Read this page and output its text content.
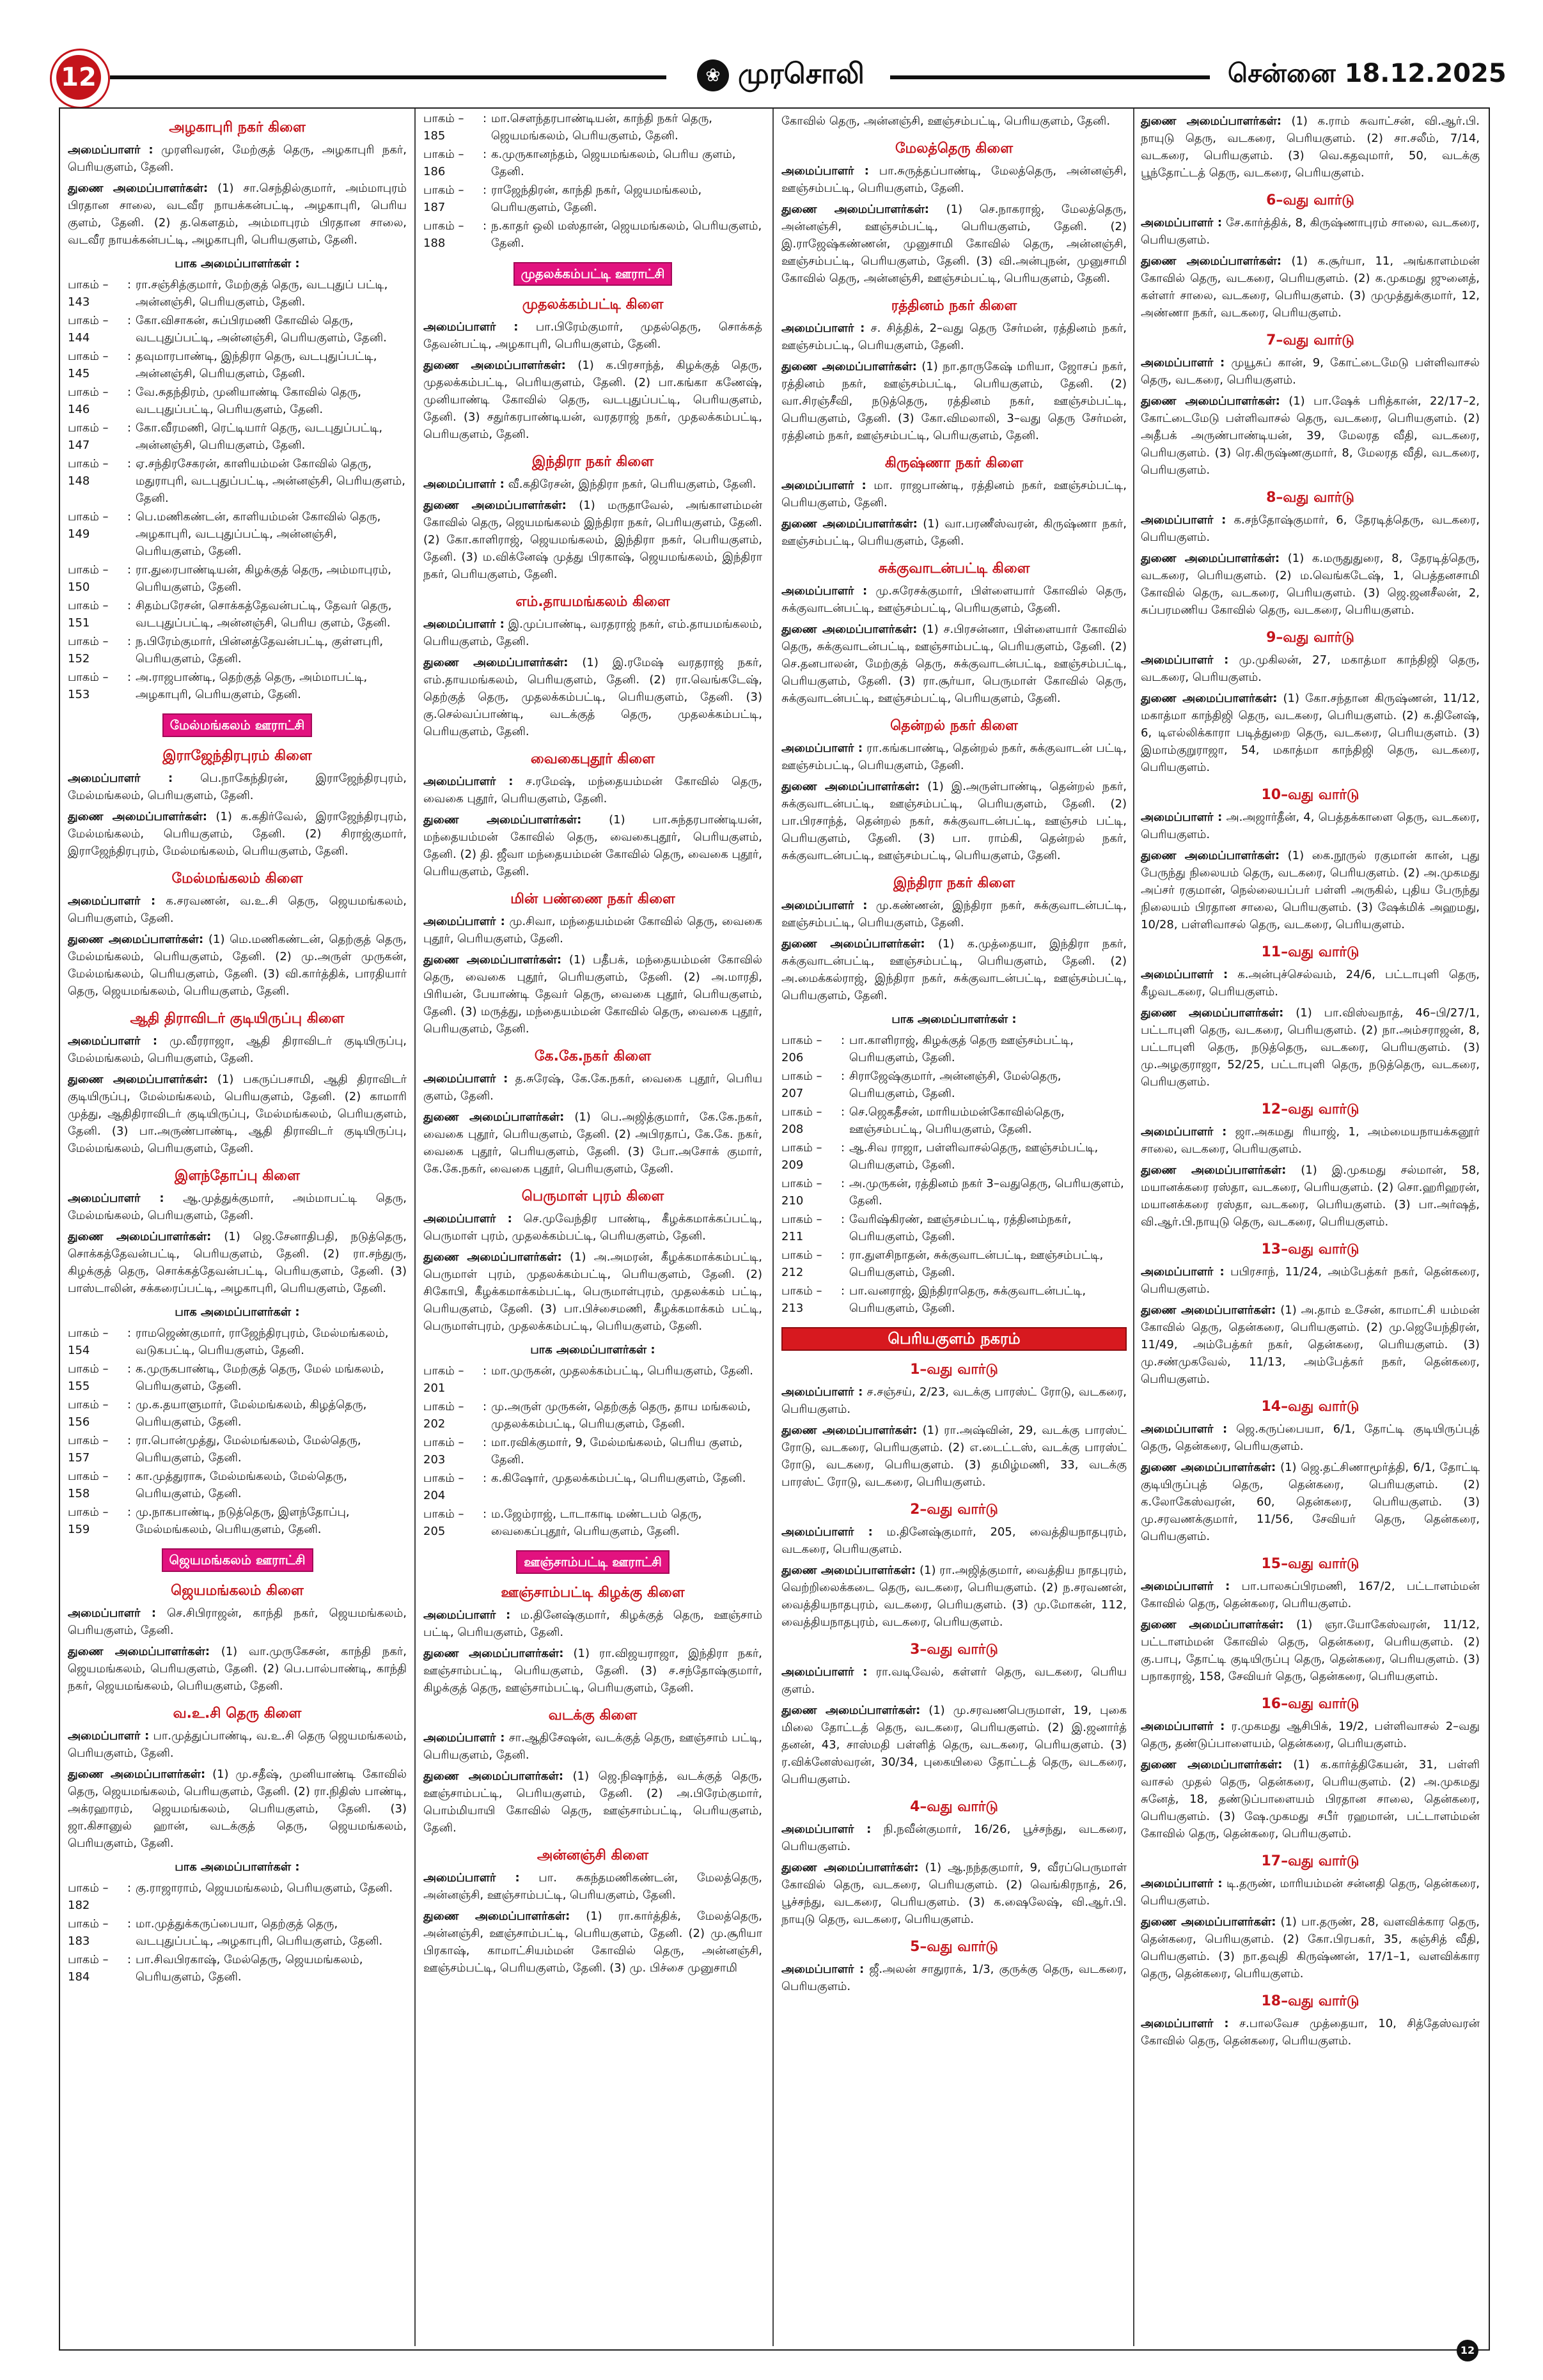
12	❀ முரசொலி	சென்னை 18.12.2025
அழகாபுரி நகர் கிளை
அமைப்பாளர் : முரளிவரன், மேற்குத் தெரு, அழகாபுரி நகர், பெரியகுளம், தேனி.
துணை அமைப்பாளர்கள்: (1) சா.செந்தில்குமார், அம்மாபுரம் பிரதான சாலை, வடவீர நாயக்கன்பட்டி, அழகாபுரி, பெரிய குளம், தேனி. (2) த.கௌதம், அம்மாபுரம் பிரதான சாலை, வடவீர நாயக்கன்பட்டி, அழகாபுரி, பெரியகுளம், தேனி.
பாக அமைப்பாளர்கள் :
பாகம் – 143
: ரா.சஞ்சித்குமார், மேற்குத் தெரு, வடபுதுப் பட்டி, அன்னஞ்சி, பெரியகுளம், தேனி.
பாகம் – 144
: கோ.விசாகன், சுப்பிரமணி கோவில் தெரு, வடபுதுப்பட்டி, அன்னஞ்சி, பெரியகுளம், தேனி.
பாகம் – 145
: தவுமாரபாண்டி, இந்திரா தெரு, வடபுதுப்பட்டி, அன்னஞ்சி, பெரியகுளம், தேனி.
பாகம் – 146
: வே.சுதந்திரம், முனியாண்டி கோவில் தெரு, வடபுதுப்பட்டி, பெரியகுளம், தேனி.
பாகம் – 147
: கோ.வீரமணி, ரெட்டியார் தெரு, வடபுதுப்பட்டி, அன்னஞ்சி, பெரியகுளம், தேனி.
பாகம் – 148
: ஏ.சந்திரசேகரன், காளியம்மன் கோவில் தெரு, மதுராபுரி, வடபுதுப்பட்டி, அன்னஞ்சி, பெரியகுளம், தேனி.
பாகம் – 149
: பெ.மணிகண்டன், காளியம்மன் கோவில் தெரு, அழகாபுரி, வடபுதுப்பட்டி, அன்னஞ்சி, பெரியகுளம், தேனி.
பாகம் – 150
: ரா.துரைபாண்டியன், கிழக்குத் தெரு, அம்மாபுரம், பெரியகுளம், தேனி.
பாகம் – 151
: சிதம்பரேசன், சொக்கத்தேவன்பட்டி, தேவர் தெரு, வடபுதுப்பட்டி, அன்னஞ்சி, பெரிய குளம், தேனி.
பாகம் – 152
: ந.பிரேம்குமார், பின்னத்தேவன்பட்டி, குள்ளபுரி, பெரியகுளம், தேனி.
பாகம் – 153
: அ.ராஜபாண்டி, தெற்குத் தெரு, அம்மாபட்டி, அழகாபுரி, பெரியகுளம், தேனி.
மேல்மங்கலம் ஊராட்சி
இராஜேந்திரபுரம் கிளை
அமைப்பாளர் : பெ.நாகேந்திரன், இராஜேந்திரபுரம், மேல்மங்கலம், பெரியகுளம், தேனி.
துணை அமைப்பாளர்கள்: (1) க.கதிர்வேல், இராஜேந்திரபுரம், மேல்மங்கலம், பெரியகுளம், தேனி. (2) சிராஜ்குமார், இராஜேந்திரபுரம், மேல்மங்கலம், பெரியகுளம், தேனி.
மேல்மங்கலம் கிளை
அமைப்பாளர் : க.சரவணன், வ.உ.சி தெரு, ஜெயமங்கலம், பெரியகுளம், தேனி.
துணை அமைப்பாளர்கள்: (1) மெ.மணிகண்டன், தெற்குத் தெரு, மேல்மங்கலம், பெரியகுளம், தேனி. (2) மு.அருள் முருகன், மேல்மங்கலம், பெரியகுளம், தேனி. (3) வி.கார்த்திக், பாரதியார் தெரு, ஜெயமங்கலம், பெரியகுளம், தேனி.
ஆதி திராவிடர் குடியிருப்பு கிளை
அமைப்பாளர் : மு.வீரராஜா, ஆதி திராவிடர் குடியிருப்பு, மேல்மங்கலம், பெரியகுளம், தேனி.
துணை அமைப்பாளர்கள்: (1) பகருப்பசாமி, ஆதி திராவிடர் குடியிருப்பு, மேல்மங்கலம், பெரியகுளம், தேனி. (2) காமாரி முத்து, ஆதிதிராவிடர் குடியிருப்பு, மேல்மங்கலம், பெரியகுளம், தேனி. (3) பா.அருண்பாண்டி, ஆதி திராவிடர் குடியிருப்பு, மேல்மங்கலம், பெரியகுளம், தேனி.
இளந்தோப்பு கிளை
அமைப்பாளர் : ஆ.முத்துக்குமார், அம்மாபட்டி தெரு, மேல்மங்கலம், பெரியகுளம், தேனி.
துணை அமைப்பாளர்கள்: (1) ஜெ.சேனாதிபதி, நடுத்தெரு, சொக்கத்தேவன்பட்டி, பெரியகுளம், தேனி. (2) ரா.சந்துரு, கிழக்குத் தெரு, சொக்கத்தேவன்பட்டி, பெரியகுளம், தேனி. (3) பாஸ்டாலின், சக்கரைப்பட்டி, அழகாபுரி, பெரியகுளம், தேனி.
பாக அமைப்பாளர்கள் :
பாகம் – 154
: ராமஜெண்குமார், ராஜேந்திரபுரம், மேல்மங்கலம், வடுகபட்டி, பெரியகுளம், தேனி.
பாகம் – 155
: க.முருகபாண்டி, மேற்குத் தெரு, மேல் மங்கலம், பெரியகுளம், தேனி.
பாகம் – 156
: மு.க.தயாளுமார், மேல்மங்கலம், கிழத்தெரு, பெரியகுளம், தேனி.
பாகம் – 157
: ரா.பொன்முத்து, மேல்மங்கலம், மேல்தெரு, பெரியகுளம், தேனி.
பாகம் – 158
: கா.முத்துராசு, மேல்மங்கலம், மேல்தெரு, பெரியகுளம், தேனி.
பாகம் – 159
: மு.நாகபாண்டி, நடுத்தெரு, இளந்தோப்பு, மேல்மங்கலம், பெரியகுளம், தேனி.
ஜெயமங்கலம் ஊராட்சி
ஜெயமங்கலம் கிளை
அமைப்பாளர் : செ.சிபிராஜன், காந்தி நகர், ஜெயமங்கலம், பெரியகுளம், தேனி.
துணை அமைப்பாளர்கள்: (1) வா.முருகேசன், காந்தி நகர், ஜெயமங்கலம், பெரியகுளம், தேனி. (2) பெ.பால்பாண்டி, காந்தி நகர், ஜெயமங்கலம், பெரியகுளம், தேனி.
வ.உ.சி தெரு கிளை
அமைப்பாளர் : பா.முத்துப்பாண்டி, வ.உ.சி தெரு ஜெயமங்கலம், பெரியகுளம், தேனி.
துணை அமைப்பாளர்கள்: (1) மு.சதீஷ், முனியாண்டி கோவில் தெரு, ஜெயமங்கலம், பெரியகுளம், தேனி. (2) ரா.நிதிஸ் பாண்டி, அக்ரஹாரம், ஜெயமங்கலம், பெரியகுளம், தேனி. (3) ஜா.கிசானுல் ஹான், வடக்குத் தெரு, ஜெயமங்கலம், பெரியகுளம், தேனி.
பாக அமைப்பாளர்கள் :
பாகம் – 182
: கு.ராஜாராம், ஜெயமங்கலம், பெரியகுளம், தேனி.
பாகம் – 183
: மா.முத்துக்கருப்பையா, தெற்குத் தெரு, வடபுதுப்பட்டி, அழகாபுரி, பெரியகுளம், தேனி.
பாகம் – 184
: பா.சிவபிரகாஷ், மேல்தெரு, ஜெயமங்கலம், பெரியகுளம், தேனி.
பாகம் – 185
: மா.சௌந்தரபாண்டியன், காந்தி நகர் தெரு, ஜெயமங்கலம், பெரியகுளம், தேனி.
பாகம் – 186
: க.முருகானந்தம், ஜெயமங்கலம், பெரிய குளம், தேனி.
பாகம் – 187
: ராஜேந்திரன், காந்தி நகர், ஜெயமங்கலம், பெரியகுளம், தேனி.
பாகம் – 188
: ந.காதர் ஒலி மஸ்தான், ஜெயமங்கலம், பெரியகுளம், தேனி.
முதலக்கம்பட்டி ஊராட்சி
முதலக்கம்பட்டி கிளை
அமைப்பாளர் : பா.பிரேம்குமார், முதல்தெரு, சொக்கத் தேவன்பட்டி, அழகாபுரி, பெரியகுளம், தேனி.
துணை அமைப்பாளர்கள்: (1) க.பிரசாந்த், கிழக்குத் தெரு, முதலக்கம்பட்டி, பெரியகுளம், தேனி. (2) பா.கங்கா கணேஷ், முனியாண்டி கோவில் தெரு, வடபுதுப்பட்டி, பெரியகுளம், தேனி. (3) சதுர்கரபாண்டியன், வரதராஜ் நகர், முதலக்கம்பட்டி, பெரியகுளம், தேனி.
இந்திரா நகர் கிளை
அமைப்பாளர் : வீ.கதிரேசன், இந்திரா நகர், பெரியகுளம், தேனி.
துணை அமைப்பாளர்கள்: (1) மருதாவேல், அங்காளம்மன் கோவில் தெரு, ஜெயமங்கலம் இந்திரா நகர், பெரியகுளம், தேனி. (2) கோ.காளிராஜ், ஜெயமங்கலம், இந்திரா நகர், பெரியகுளம், தேனி. (3) ம.விக்னேஷ் முத்து பிரகாஷ், ஜெயமங்கலம், இந்திரா நகர், பெரியகுளம், தேனி.
எம்.தாயமங்கலம் கிளை
அமைப்பாளர் : இ.முப்பாண்டி, வரதராஜ் நகர், எம்.தாயமங்கலம், பெரியகுளம், தேனி.
துணை அமைப்பாளர்கள்: (1) இ.ரமேஷ் வரதராஜ் நகர், எம்.தாயமங்கலம், பெரியகுளம், தேனி. (2) ரா.வெங்கடேஷ், தெற்குத் தெரு, முதலக்கம்பட்டி, பெரியகுளம், தேனி. (3) கு.செல்வப்பாண்டி, வடக்குத் தெரு, முதலக்கம்பட்டி, பெரியகுளம், தேனி.
வைகைபுதூர் கிளை
அமைப்பாளர் : ச.ரமேஷ், மந்தையம்மன் கோவில் தெரு, வைகை புதூர், பெரியகுளம், தேனி.
துணை அமைப்பாளர்கள்: (1) பா.சுந்தரபாண்டியன், மந்தையம்மன் கோவில் தெரு, வைகைபுதூர், பெரியகுளம், தேனி. (2) தி. ஜீவா மந்தையம்மன் கோவில் தெரு, வைகை புதூர், பெரியகுளம், தேனி.
மின் பண்ணை நகர் கிளை
அமைப்பாளர் : மு.சிவா, மந்தையம்மன் கோவில் தெரு, வைகை புதூர், பெரியகுளம், தேனி.
துணை அமைப்பாளர்கள்: (1) பதீபக், மந்தையம்மன் கோவில் தெரு, வைகை புதூர், பெரியகுளம், தேனி. (2) அ.மாரதி, பிரியன், பேயாண்டி தேவர் தெரு, வைகை புதூர், பெரியகுளம், தேனி. (3) மருத்து, மந்தையம்மன் கோவில் தெரு, வைகை புதூர், பெரியகுளம், தேனி.
கே.கே.நகர் கிளை
அமைப்பாளர் : த.சுரேஷ், கே.கே.நகர், வைகை புதூர், பெரிய குளம், தேனி.
துணை அமைப்பாளர்கள்: (1) பெ.அஜித்குமார், கே.கே.நகர், வைகை புதூர், பெரியகுளம், தேனி. (2) அபிரதாப், கே.கே. நகர், வைகை புதூர், பெரியகுளம், தேனி. (3) போ.அசோக் குமார், கே.கே.நகர், வைகை புதூர், பெரியகுளம், தேனி.
பெருமாள் புரம் கிளை
அமைப்பாளர் : செ.முவேந்திர பாண்டி, கீழக்கமாக்கப்பட்டி, பெருமாள் புரம், முதலக்கம்பட்டி, பெரியகுளம், தேனி.
துணை அமைப்பாளர்கள்: (1) அ.அமரன், கீழக்கமாக்கம்பட்டி, பெருமாள் புரம், முதலக்கம்பட்டி, பெரியகுளம், தேனி. (2) சிகோபி, கீழக்கமாக்கம்பட்டி, பெருமாள்புரம், முதலக்கம் பட்டி, பெரியகுளம், தேனி. (3) பா.பிச்சைமணி, கீழக்கமாக்கம் பட்டி, பெருமாள்புரம், முதலக்கம்பட்டி, பெரியகுளம், தேனி.
பாக அமைப்பாளர்கள் :
பாகம் – 201
: மா.முருகன், முதலக்கம்பட்டி, பெரியகுளம், தேனி.
பாகம் – 202
: மு.அருள் முருகன், தெற்குத் தெரு, தாய மங்கலம், முதலக்கம்பட்டி, பெரியகுளம், தேனி.
பாகம் – 203
: மா.ரவிக்குமார், 9, மேல்மங்கலம், பெரிய குளம், தேனி.
பாகம் – 204
: க.கிஷோர், முதலக்கம்பட்டி, பெரியகுளம், தேனி.
பாகம் – 205
: ம.ஜேம்ராஜ், டாடாகாடி மண்டபம் தெரு, வைகைப்புதூர், பெரியகுளம், தேனி.
ஊஞ்சாம்பட்டி ஊராட்சி
ஊஞ்சாம்பட்டி கிழக்கு கிளை
அமைப்பாளர் : ம.தினேஷ்குமார், கிழக்குத் தெரு, ஊஞ்சாம் பட்டி, பெரியகுளம், தேனி.
துணை அமைப்பாளர்கள்: (1) ரா.விஜயராஜா, இந்திரா நகர், ஊஞ்சாம்பட்டி, பெரியகுளம், தேனி. (3) ச.சந்தோஷ்குமார், கிழக்குத் தெரு, ஊஞ்சாம்பட்டி, பெரியகுளம், தேனி.
வடக்கு கிளை
அமைப்பாளர் : சா.ஆதிசேஷன், வடக்குத் தெரு, ஊஞ்சாம் பட்டி, பெரியகுளம், தேனி.
துணை அமைப்பாளர்கள்: (1) ஜெ.நிஷாந்த், வடக்குத் தெரு, ஊஞ்சாம்பட்டி, பெரியகுளம், தேனி. (2) அ.பிரேம்குமார், பொம்மியாயி கோவில் தெரு, ஊஞ்சாம்பட்டி, பெரியகுளம், தேனி.
அன்னஞ்சி கிளை
அமைப்பாளர் : பா. சுகந்தமணிகண்டன், மேலத்தெரு, அன்னஞ்சி, ஊஞ்சாம்பட்டி, பெரியகுளம், தேனி.
துணை அமைப்பாளர்கள்: (1) ரா.கார்த்திக், மேலத்தெரு, அன்னஞ்சி, ஊஞ்சாம்பட்டி, பெரியகுளம், தேனி. (2) மு.சூரியா பிரகாஷ், காமாட்சியம்மன் கோவில் தெரு, அன்னஞ்சி, ஊஞ்சம்பட்டி, பெரியகுளம், தேனி. (3) மு. பிச்சை முனுசாமி
கோவில் தெரு, அன்னஞ்சி, ஊஞ்சம்பட்டி, பெரியகுளம், தேனி.
மேலத்தெரு கிளை
அமைப்பாளர் : பா.சுருத்தப்பாண்டி, மேலத்தெரு, அன்னஞ்சி, ஊஞ்சம்பட்டி, பெரியகுளம், தேனி.
துணை அமைப்பாளர்கள்: (1) செ.நாகராஜ், மேலத்தெரு, அன்னஞ்சி, ஊஞ்சம்பட்டி, பெரியகுளம், தேனி. (2) இ.ராஜேஷ்கண்ணன், முனுசாமி கோவில் தெரு, அன்னஞ்சி, ஊஞ்சம்பட்டி, பெரியகுளம், தேனி. (3) வி.அன்புநன், முனுசாமி கோவில் தெரு, அன்னஞ்சி, ஊஞ்சம்பட்டி, பெரியகுளம், தேனி.
ரத்தினம் நகர் கிளை
அமைப்பாளர் : ச. சித்திக், 2–வது தெரு சேர்மன், ரத்தினம் நகர், ஊஞ்சம்பட்டி, பெரியகுளம், தேனி.
துணை அமைப்பாளர்கள்: (1) நா.தாருகேஷ் மரியா, ஜோசப் நகர், ரத்தினம் நகர், ஊஞ்சம்பட்டி, பெரியகுளம், தேனி. (2) வா.சிரஞ்சீவி, நடுத்தெரு, ரத்தினம் நகர், ஊஞ்சம்பட்டி, பெரியகுளம், தேனி. (3) கோ.விமலாலி, 3–வது தெரு சேர்மன், ரத்தினம் நகர், ஊஞ்சம்பட்டி, பெரியகுளம், தேனி.
கிருஷ்ணா நகர் கிளை
அமைப்பாளர் : மா. ராஜபாண்டி, ரத்தினம் நகர், ஊஞ்சம்பட்டி, பெரியகுளம், தேனி.
துணை அமைப்பாளர்கள்: (1) வா.பரணீஸ்வரன், கிருஷ்ணா நகர், ஊஞ்சம்பட்டி, பெரியகுளம், தேனி.
சுக்குவாடன்பட்டி கிளை
அமைப்பாளர் : மு.சுரேசக்குமார், பிள்ளையார் கோவில் தெரு, சுக்குவாடன்பட்டி, ஊஞ்சம்பட்டி, பெரியகுளம், தேனி.
துணை அமைப்பாளர்கள்: (1) ச.பிரசன்னா, பிள்ளையார் கோவில் தெரு, சுக்குவாடன்பட்டி, ஊஞ்சாம்பட்டி, பெரியகுளம், தேனி. (2) செ.தனபாலன், மேற்குத் தெரு, சுக்குவாடன்பட்டி, ஊஞ்சம்பட்டி, பெரியகுளம், தேனி. (3) ரா.சூர்யா, பெருமாள் கோவில் தெரு, சுக்குவாடன்பட்டி, ஊஞ்சம்பட்டி, பெரியகுளம், தேனி.
தென்றல் நகர் கிளை
அமைப்பாளர் : ரா.கங்கபாண்டி, தென்றல் நகர், சுக்குவாடன் பட்டி, ஊஞ்சம்பட்டி, பெரியகுளம், தேனி.
துணை அமைப்பாளர்கள்: (1) இ.அருள்பாண்டி, தென்றல் நகர், சுக்குவாடன்பட்டி, ஊஞ்சம்பட்டி, பெரியகுளம், தேனி. (2) பா.பிரசாந்த், தென்றல் நகர், சுக்குவாடன்பட்டி, ஊஞ்சம் பட்டி, பெரியகுளம், தேனி. (3) பா. ராம்கி, தென்றல் நகர், சுக்குவாடன்பட்டி, ஊஞ்சம்பட்டி, பெரியகுளம், தேனி.
இந்திரா நகர் கிளை
அமைப்பாளர் : மு.கண்ணன், இந்திரா நகர், சுக்குவாடன்பட்டி, ஊஞ்சம்பட்டி, பெரியகுளம், தேனி.
துணை அமைப்பாளர்கள்: (1) க.முத்தையா, இந்திரா நகர், சுக்குவாடன்பட்டி, ஊஞ்சம்பட்டி, பெரியகுளம், தேனி. (2) அ.மைக்கல்ராஜ், இந்திரா நகர், சுக்குவாடன்பட்டி, ஊஞ்சம்பட்டி, பெரியகுளம், தேனி.
பாக அமைப்பாளர்கள் :
பாகம் – 206
: பா.காளிராஜ், கிழக்குத் தெரு ஊஞ்சம்பட்டி, பெரியகுளம், தேனி.
பாகம் – 207
: சிராஜேஷ்குமார், அன்னஞ்சி, மேல்தெரு, பெரியகுளம், தேனி.
பாகம் – 208
: செ.ஜெகதீசன், மாரியம்மன்கோவில்தெரு, ஊஞ்சம்பட்டி, பெரியகுளம், தேனி.
பாகம் – 209
: ஆ.சிவ ராஜா, பள்ளிவாசல்தெரு, ஊஞ்சம்பட்டி, பெரியகுளம், தேனி.
பாகம் – 210
: அ.முருகன், ரத்தினம் நகர் 3–வதுதெரு, பெரியகுளம், தேனி.
பாகம் – 211
: வேரிஷ்கிரண், ஊஞ்சம்பட்டி, ரத்தினம்நகர், பெரியகுளம், தேனி.
பாகம் – 212
: ரா.துளசிநாதன், சுக்குவாடன்பட்டி, ஊஞ்சம்பட்டி, பெரியகுளம், தேனி.
பாகம் – 213
: பா.வனராஜ், இந்திராதெரு, சுக்குவாடன்பட்டி, பெரியகுளம், தேனி.
பெரியகுளம் நகரம்
1–வது வார்டு
அமைப்பாளர் : ச.சஞ்சய், 2/23, வடக்கு பாரஸ்ட் ரோடு, வடகரை, பெரியகுளம்.
துணை அமைப்பாளர்கள்: (1) ரா.அஷ்வின், 29, வடக்கு பாரஸ்ட் ரோடு, வடகரை, பெரியகுளம். (2) எ.டைட்டஸ், வடக்கு பாரஸ்ட் ரோடு, வடகரை, பெரியகுளம். (3) தமிழ்மணி, 33, வடக்கு பாரஸ்ட் ரோடு, வடகரை, பெரியகுளம்.
2–வது வார்டு
அமைப்பாளர் : ம.தினேஷ்குமார், 205, வைத்தியநாதபுரம், வடகரை, பெரியகுளம்.
துணை அமைப்பாளர்கள்: (1) ரா.அஜித்குமார், வைத்திய நாதபுரம், வெற்றிலைக்கடை தெரு, வடகரை, பெரியகுளம். (2) ந.சரவணன், வைத்தியநாதபுரம், வடகரை, பெரியகுளம். (3) மு.மோகன், 112, வைத்தியநாதபுரம், வடகரை, பெரியகுளம்.
3–வது வார்டு
அமைப்பாளர் : ரா.வடிவேல், கள்ளர் தெரு, வடகரை, பெரிய குளம்.
துணை அமைப்பாளர்கள்: (1) மு.சரவணபெருமாள், 19, புகை மிலை தோட்டத் தெரு, வடகரை, பெரியகுளம். (2) இ.ஜனார்த் தனன், 43, சாஸ்மதி பள்ளித் தெரு, வடகரை, பெரியகுளம். (3) ர.விக்னேஸ்வரன், 30/34, புகையிலை தோட்டத் தெரு, வடகரை, பெரியகுளம்.
4–வது வார்டு
அமைப்பாளர் : நி.நவீன்குமார், 16/26, பூச்சந்து, வடகரை, பெரியகுளம்.
துணை அமைப்பாளர்கள்: (1) ஆ.நந்தகுமார், 9, வீரப்பெருமாள் கோவில் தெரு, வடகரை, பெரியகுளம். (2) வெங்கிரநாத், 26, பூச்சந்து, வடகரை, பெரியகுளம். (3) க.ஷைலேஷ், வி.ஆர்.பி. நாயுடு தெரு, வடகரை, பெரியகுளம்.
5–வது வார்டு
அமைப்பாளர் : ஜீ.அலன் சாதுராக், 1/3, குருக்கு தெரு, வடகரை, பெரியகுளம்.
துணை அமைப்பாளர்கள்: (1) க.ராம் சுவாட்சன், வி.ஆர்.பி. நாயுடு தெரு, வடகரை, பெரியகுளம். (2) சா.சலீம், 7/14, வடகரை, பெரியகுளம். (3) வெ.கதவுமார், 50, வடக்கு பூந்தோட்டத் தெரு, வடகரை, பெரியகுளம்.
6–வது வார்டு
அமைப்பாளர் : சே.கார்த்திக், 8, கிருஷ்ணாபுரம் சாலை, வடகரை, பெரியகுளம்.
துணை அமைப்பாளர்கள்: (1) க.சூர்யா, 11, அங்காளம்மன் கோவில் தெரு, வடகரை, பெரியகுளம். (2) க.முகமது ஜுனைத், கள்ளர் சாலை, வடகரை, பெரியகுளம். (3) முமுத்துக்குமார், 12, அண்ணா நகர், வடகரை, பெரியகுளம்.
7–வது வார்டு
அமைப்பாளர் : முயூசுப் கான், 9, கோட்டைமேடு பள்ளிவாசல் தெரு, வடகரை, பெரியகுளம்.
துணை அமைப்பாளர்கள்: (1) பா.ஷேக் பரித்கான், 22/17–2, கோட்டைமேடு பள்ளிவாசல் தெரு, வடகரை, பெரியகுளம். (2) அதீபக் அருண்பாண்டியன், 39, மேலரத வீதி, வடகரை, பெரியகுளம். (3) ரெ.கிருஷ்ணகுமார், 8, மேலரத வீதி, வடகரை, பெரியகுளம்.
8–வது வார்டு
அமைப்பாளர் : க.சந்தோஷ்குமார், 6, தேரடித்தெரு, வடகரை, பெரியகுளம்.
துணை அமைப்பாளர்கள்: (1) க.மருதுதுரை, 8, தேரடித்தெரு, வடகரை, பெரியகுளம். (2) ம.வெங்கடேஷ், 1, பெத்தனசாமி கோவில் தெரு, வடகரை, பெரியகுளம். (3) ஜெ.ஜனசீலன், 2, சுப்பரமணிய கோவில் தெரு, வடகரை, பெரியகுளம்.
9–வது வார்டு
அமைப்பாளர் : மு.முகிலன், 27, மகாத்மா காந்திஜி தெரு, வடகரை, பெரியகுளம்.
துணை அமைப்பாளர்கள்: (1) கோ.சந்தான கிருஷ்ணன், 11/12, மகாத்மா காந்திஜி தெரு, வடகரை, பெரியகுளம். (2) க.தினேஷ், 6, டிஎல்லிக்காரா படித்துறை தெரு, வடகரை, பெரியகுளம். (3) இமாம்குறுராஜா, 54, மகாத்மா காந்திஜி தெரு, வடகரை, பெரியகுளம்.
10–வது வார்டு
அமைப்பாளர் : அ.அஜார்தீன், 4, பெத்தக்காளை தெரு, வடகரை, பெரியகுளம்.
துணை அமைப்பாளர்கள்: (1) கை.நூருல் ரகுமான் கான், புது பேருந்து நிலையம் தெரு, வடகரை, பெரியகுளம். (2) அ.முகமது அப்சர் ரகுமான், நெல்லையப்பர் பள்ளி அருகில், புதிய பேருந்து நிலையம் பிரதான சாலை, பெரியகுளம். (3) ஷேக்மிக் அஹமது, 10/28, பள்ளிவாசல் தெரு, வடகரை, பெரியகுளம்.
11–வது வார்டு
அமைப்பாளர் : க.அன்புச்செல்வம், 24/6, பட்டாபுளி தெரு, கீழவடகரை, பெரியகுளம்.
துணை அமைப்பாளர்கள்: (1) பா.விஸ்வநாத், 46–பி/27/1, பட்டாபுளி தெரு, வடகரை, பெரியகுளம். (2) நா.அம்சராஜன், 8, பட்டாபுளி தெரு, நடுத்தெரு, வடகரை, பெரியகுளம். (3) மு.அழகுராஜா, 52/25, பட்டாபுளி தெரு, நடுத்தெரு, வடகரை, பெரியகுளம்.
12–வது வார்டு
அமைப்பாளர் : ஜா.அகமது ரியாஜ், 1, அம்மையநாயக்கனூர் சாலை, வடகரை, பெரியகுளம்.
துணை அமைப்பாளர்கள்: (1) இ.முகமது சல்மான், 58, மயானக்கரை ரஸ்தா, வடகரை, பெரியகுளம். (2) சொ.ஹரிஹரன், மயானக்கரை ரஸ்தா, வடகரை, பெரியகுளம். (3) பா.அர்ஷத், வி.ஆர்.பி.நாயுடு தெரு, வடகரை, பெரியகுளம்.
13–வது வார்டு
அமைப்பாளர் : பபிரசாந், 11/24, அம்பேத்கர் நகர், தென்கரை, பெரியகுளம்.
துணை அமைப்பாளர்கள்: (1) அ.தாம் உசேன், காமாட்சி யம்மன் கோவில் தெரு, தென்கரை, பெரியகுளம். (2) மு.ஜெயேந்திரன், 11/49, அம்பேத்கர் நகர், தென்கரை, பெரியகுளம். (3) மு.சண்முகவேல், 11/13, அம்பேத்கர் நகர், தென்கரை, பெரியகுளம்.
14–வது வார்டு
அமைப்பாளர் : ஜெ.கருப்பையா, 6/1, தோட்டி குடியிருப்புத் தெரு, தென்கரை, பெரியகுளம்.
துணை அமைப்பாளர்கள்: (1) ஜெ.தட்சிணாமூர்த்தி, 6/1, தோட்டி குடியிருப்புத் தெரு, தென்கரை, பெரியகுளம். (2) க.லோகேஸ்வரன், 60, தென்கரை, பெரியகுளம். (3) மு.சரவணக்குமார், 11/56, சேவியர் தெரு, தென்கரை, பெரியகுளம்.
15–வது வார்டு
அமைப்பாளர் : பா.பாலசுப்பிரமணி, 167/2, பட்டாளம்மன் கோவில் தெரு, தென்கரை, பெரியகுளம்.
துணை அமைப்பாளர்கள்: (1) ஞா.யோகேஸ்வரன், 11/12, பட்டாளம்மன் கோவில் தெரு, தென்கரை, பெரியகுளம். (2) கு.பாபு, தோட்டி குடியிருப்பு தெரு, தென்கரை, பெரியகுளம். (3) பநாகராஜ், 158, சேவியர் தெரு, தென்கரை, பெரியகுளம்.
16–வது வார்டு
அமைப்பாளர் : ர.முகமது ஆசிபிக், 19/2, பள்ளிவாசல் 2–வது தெரு, தண்டுப்பாளையம், தென்கரை, பெரியகுளம்.
துணை அமைப்பாளர்கள்: (1) க.கார்த்திகேயன், 31, பள்ளி வாசல் முதல் தெரு, தென்கரை, பெரியகுளம். (2) அ.முகமது சுனேத், 18, தண்டுப்பாளையம் பிரதான சாலை, தென்கரை, பெரியகுளம். (3) ஷே.முகமது சபீர் ரஹமான், பட்டாளம்மன் கோவில் தெரு, தென்கரை, பெரியகுளம்.
17–வது வார்டு
அமைப்பாளர் : டி.தருண், மாரியம்மன் சன்னதி தெரு, தென்கரை, பெரியகுளம்.
துணை அமைப்பாளர்கள்: (1) பா.தருண், 28, வளவிக்கார தெரு, தென்கரை, பெரியகுளம். (2) கோ.பிரபகர், 35, கஞ்சித் வீதி, பெரியகுளம். (3) நா.தவுதி கிருஷ்ணன், 17/1–1, வளவிக்கார தெரு, தென்கரை, பெரியகுளம்.
18–வது வார்டு
அமைப்பாளர் : ச.பாலவேச முத்தையா, 10, சித்தேஸ்வரன் கோவில் தெரு, தென்கரை, பெரியகுளம்.
12
